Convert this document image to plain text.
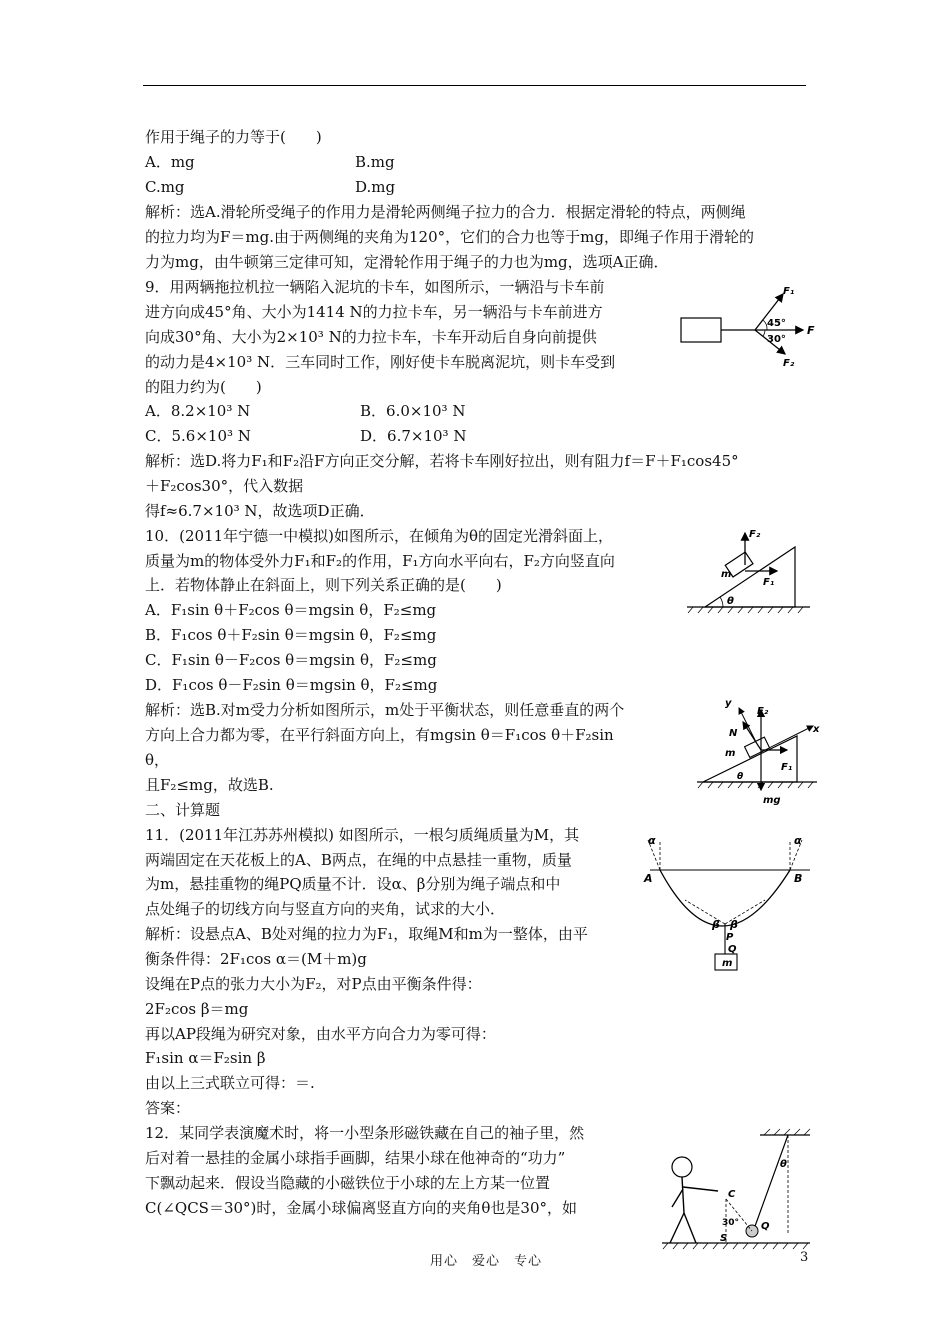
作用于绳子的力等于(　　)
A．mg	B.mg
C.mg	D.mg
解析：选A.滑轮所受绳子的作用力是滑轮两侧绳子拉力的合力．根据定滑轮的特点，两侧绳
的拉力均为F＝mg.由于两侧绳的夹角为120°，它们的合力也等于mg，即绳子作用于滑轮的
力为mg，由牛顿第三定律可知，定滑轮作用于绳子的力也为mg，选项A正确．
9．用两辆拖拉机拉一辆陷入泥坑的卡车，如图所示，一辆沿与卡车前
进方向成45°角、大小为1414 N的力拉卡车，另一辆沿与卡车前进方
向成30°角、大小为2×10³ N的力拉卡车，卡车开动后自身向前提供
的动力是4×10³ N．三车同时工作，刚好使卡车脱离泥坑，则卡车受到
的阻力约为(　　)
A．8.2×10³ N	B．6.0×10³ N
C．5.6×10³ N	D．6.7×10³ N
解析：选D.将力F₁和F₂沿F方向正交分解，若将卡车刚好拉出，则有阻力f＝F＋F₁cos45°
＋F₂cos30°，代入数据
得f≈6.7×10³ N，故选项D正确．
10．(2011年宁德一中模拟)如图所示，在倾角为θ的固定光滑斜面上，
质量为m的物体受外力F₁和F₂的作用，F₁方向水平向右，F₂方向竖直向
上．若物体静止在斜面上，则下列关系正确的是(　　)
A．F₁sin θ＋F₂cos θ＝mgsin θ，F₂≤mg
B．F₁cos θ＋F₂sin θ＝mgsin θ，F₂≤mg
C．F₁sin θ－F₂cos θ＝mgsin θ，F₂≤mg
D．F₁cos θ－F₂sin θ＝mgsin θ，F₂≤mg
解析：选B.对m受力分析如图所示，m处于平衡状态，则任意垂直的两个
方向上合力都为零，在平行斜面方向上，有mgsin θ＝F₁cos θ＋F₂sin
θ，
且F₂≤mg，故选B.
二、计算题
11．(2011年江苏苏州模拟) 如图所示，一根匀质绳质量为M，其
两端固定在天花板上的A、B两点，在绳的中点悬挂一重物，质量
为m，悬挂重物的绳PQ质量不计．设α、β分别为绳子端点和中
点处绳子的切线方向与竖直方向的夹角，试求的大小．
解析：设悬点A、B处对绳的拉力为F₁，取绳M和m为一整体，由平
衡条件得：2F₁cos α＝(M＋m)g
设绳在P点的张力大小为F₂，对P点由平衡条件得：
2F₂cos β＝mg
再以AP段绳为研究对象，由水平方向合力为零可得：
F₁sin α＝F₂sin β
由以上三式联立可得：＝.
答案：
12．某同学表演魔术时，将一小型条形磁铁藏在自己的袖子里，然
后对着一悬挂的金属小球指手画脚，结果小球在他神奇的“功力”
下飘动起来．假设当隐藏的小磁铁位于小球的左上方某一位置
C(∠QCS＝30°)时，金属小球偏离竖直方向的夹角θ也是30°，如
F₁
F₂
F
45°
30°
F₂
F₁
m
θ
y
x
N
F₂
F₁
m
mg
θ
α	α
A	B
β β
P
Q
m
C
30° Q
S
θ
用心　爱心　专心	3
